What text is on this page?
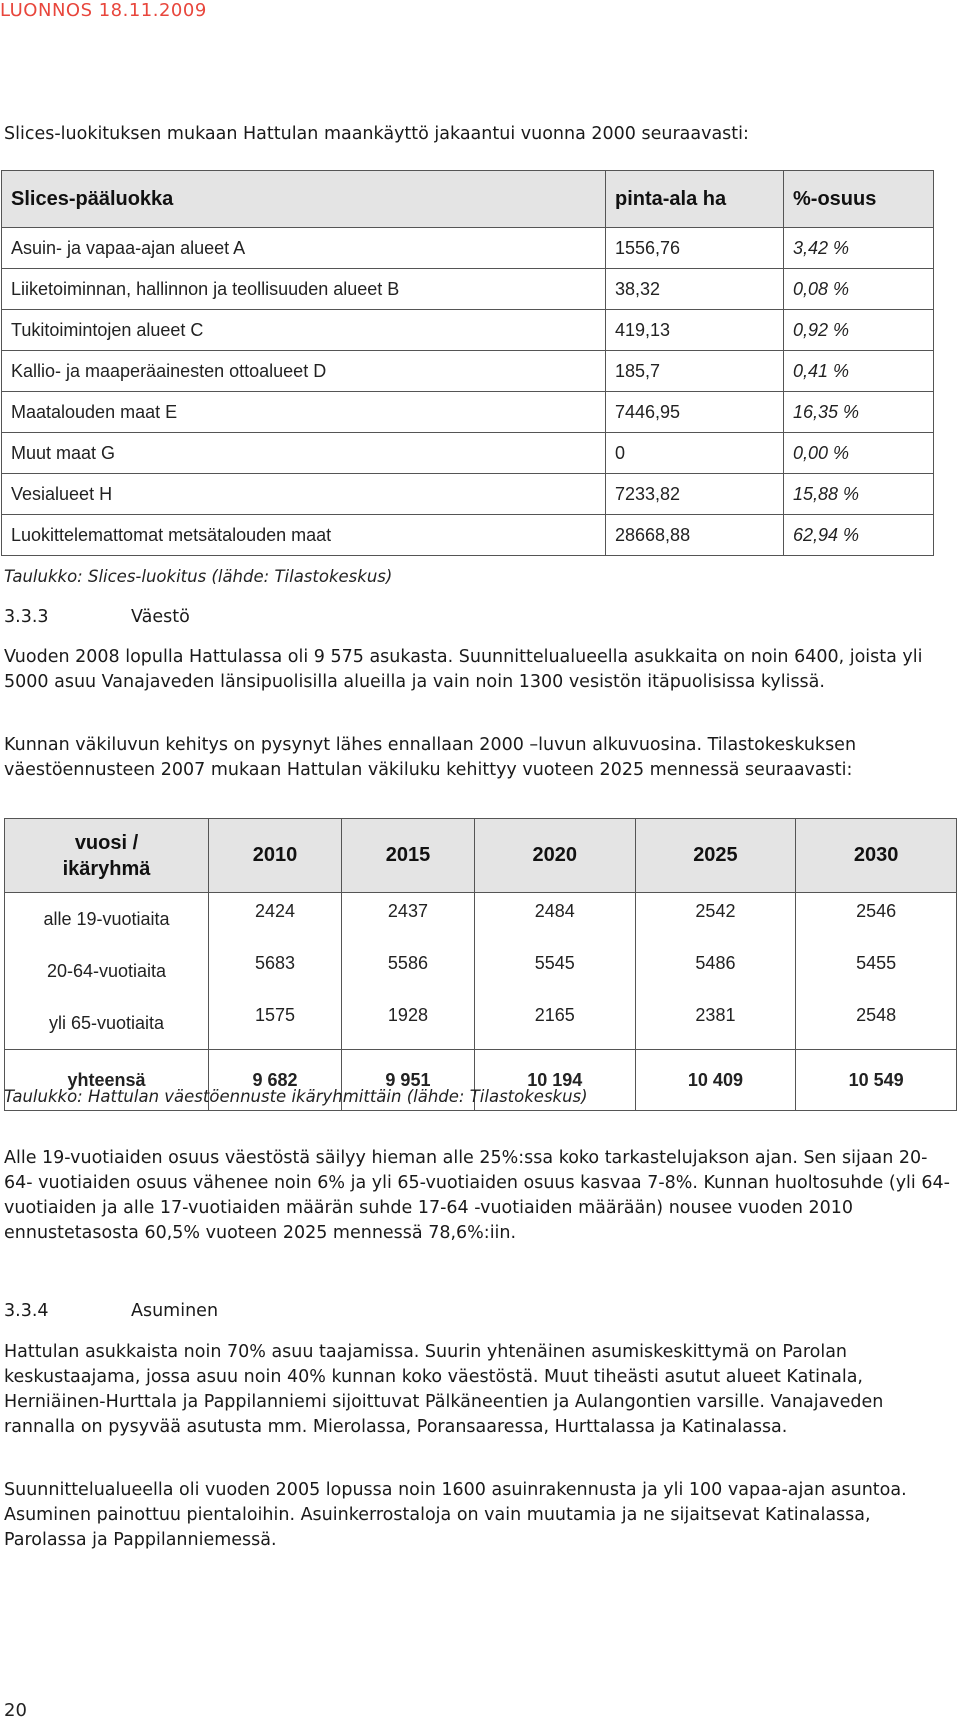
LUONNOS 18.11.2009

Slices-luokituksen mukaan Hattulan maankäyttö jakaantui vuonna 2000 seuraavasti:

Slices-pääluokka	pinta-ala ha	%-osuus
Asuin- ja vapaa-ajan alueet A	1556,76	3,42 %
Liiketoiminnan, hallinnon ja teollisuuden alueet B	38,32	0,08 %
Tukitoimintojen alueet C	419,13	0,92 %
Kallio- ja maaperäainesten ottoalueet D	185,7	0,41 %
Maatalouden maat E	7446,95	16,35 %
Muut maat G	0	0,00 %
Vesialueet H	7233,82	15,88 %
Luokittelemattomat metsätalouden maat	28668,88	62,94 %
Taulukko: Slices-luokitus (lähde: Tilastokeskus)
3.3.3	Väestö

Vuoden 2008 lopulla Hattulassa oli 9 575 asukasta. Suunnittelualueella asukkaita on noin 6400, joista yli 5000 asuu Vanajaveden länsipuolisilla alueilla ja vain noin 1300 vesistön itäpuolisissa kylissä.

Kunnan väkiluvun kehitys on pysynyt lähes ennallaan 2000 –luvun alkuvuosina. Tilastokeskuksen väestöennusteen 2007 mukaan Hattulan väkiluku kehittyy vuoteen 2025 mennessä seuraavasti:

vuosi /
ikäryhmä	2010	2015	2020	2025	2030
alle 19-vuotiaita	2424	2437	2484	2542	2546
20-64-vuotiaita	5683	5586	5545	5486	5455
yli 65-vuotiaita	1575	1928	2165	2381	2548
yhteensä	9 682	9 951	10 194	10 409	10 549
Taulukko: Hattulan väestöennuste ikäryhmittäin (lähde: Tilastokeskus)

Alle 19-vuotiaiden osuus väestöstä säilyy hieman alle 25%:ssa koko tarkastelujakson ajan. Sen sijaan 20-64- vuotiaiden osuus vähenee noin 6% ja yli 65-vuotiaiden osuus kasvaa 7-8%. Kunnan huoltosuhde (yli 64-vuotiaiden ja alle 17-vuotiaiden määrän suhde 17-64 -vuotiaiden määrään) nousee vuoden 2010 ennustetasosta 60,5% vuoteen 2025 mennessä 78,6%:iin.

3.3.4	Asuminen

Hattulan asukkaista noin 70% asuu taajamissa. Suurin yhtenäinen asumiskeskittymä on Parolan keskustaajama, jossa asuu noin 40% kunnan koko väestöstä. Muut tiheästi asutut alueet Katinala, Herniäinen-Hurttala ja Pappilanniemi sijoittuvat Pälkäneentien ja Aulangontien varsille. Vanajaveden rannalla on pysyvää asutusta mm. Mierolassa, Poransaaressa, Hurttalassa ja Katinalassa.

Suunnittelualueella oli vuoden 2005 lopussa noin 1600 asuinrakennusta ja yli 100 vapaa-ajan asuntoa. Asuminen painottuu pientaloihin. Asuinkerrostaloja on vain muutamia ja ne sijaitsevat Katinalassa, Parolassa ja Pappilanniemessä.

20
